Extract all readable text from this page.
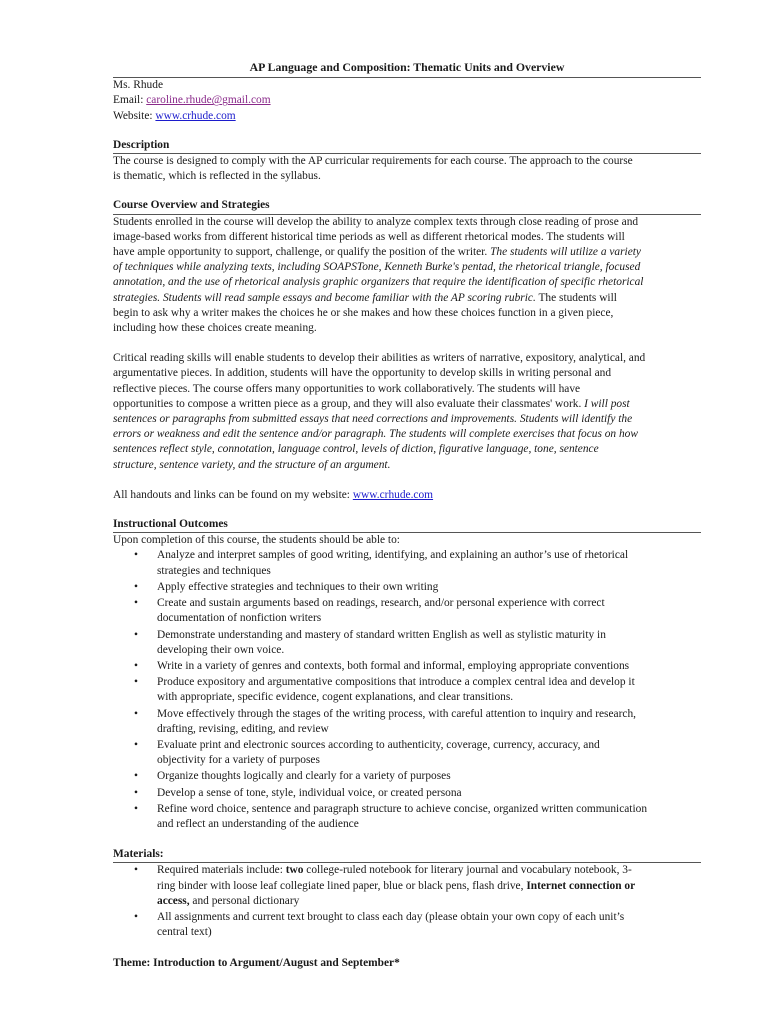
AP Language and Composition: Thematic Units and Overview
Ms. Rhude
Email: caroline.rhude@gmail.com
Website: www.crhude.com
Description
The course is designed to comply with the AP curricular requirements for each course. The approach to the course
is thematic, which is reflected in the syllabus.
Course Overview and Strategies
Students enrolled in the course will develop the ability to analyze complex texts through close reading of prose and
image-based works from different historical time periods as well as different rhetorical modes. The students will
have ample opportunity to support, challenge, or qualify the position of the writer. The students will utilize a variety
of techniques while analyzing texts, including SOAPSTone, Kenneth Burke's pentad, the rhetorical triangle, focused
annotation, and the use of rhetorical analysis graphic organizers that require the identification of specific rhetorical
strategies. Students will read sample essays and become familiar with the AP scoring rubric. The students will
begin to ask why a writer makes the choices he or she makes and how these choices function in a given piece,
including how these choices create meaning.
Critical reading skills will enable students to develop their abilities as writers of narrative, expository, analytical, and
argumentative pieces. In addition, students will have the opportunity to develop skills in writing personal and
reflective pieces. The course offers many opportunities to work collaboratively. The students will have
opportunities to compose a written piece as a group, and they will also evaluate their classmates' work. I will post
sentences or paragraphs from submitted essays that need corrections and improvements. Students will identify the
errors or weakness and edit the sentence and/or paragraph. The students will complete exercises that focus on how
sentences reflect style, connotation, language control, levels of diction, figurative language, tone, sentence
structure, sentence variety, and the structure of an argument.
All handouts and links can be found on my website: www.crhude.com
Instructional Outcomes
Upon completion of this course, the students should be able to:
• Analyze and interpret samples of good writing, identifying, and explaining an author’s use of rhetorical
strategies and techniques
• Apply effective strategies and techniques to their own writing
• Create and sustain arguments based on readings, research, and/or personal experience with correct
documentation of nonfiction writers
• Demonstrate understanding and mastery of standard written English as well as stylistic maturity in
developing their own voice.
• Write in a variety of genres and contexts, both formal and informal, employing appropriate conventions
• Produce expository and argumentative compositions that introduce a complex central idea and develop it
with appropriate, specific evidence, cogent explanations, and clear transitions.
• Move effectively through the stages of the writing process, with careful attention to inquiry and research,
drafting, revising, editing, and review
• Evaluate print and electronic sources according to authenticity, coverage, currency, accuracy, and
objectivity for a variety of purposes
• Organize thoughts logically and clearly for a variety of purposes
• Develop a sense of tone, style, individual voice, or created persona
• Refine word choice, sentence and paragraph structure to achieve concise, organized written communication
and reflect an understanding of the audience
Materials:
• Required materials include: two college-ruled notebook for literary journal and vocabulary notebook, 3-
ring binder with loose leaf collegiate lined paper, blue or black pens, flash drive, Internet connection or
access, and personal dictionary
• All assignments and current text brought to class each day (please obtain your own copy of each unit’s
central text)
Theme: Introduction to Argument/August and September*
